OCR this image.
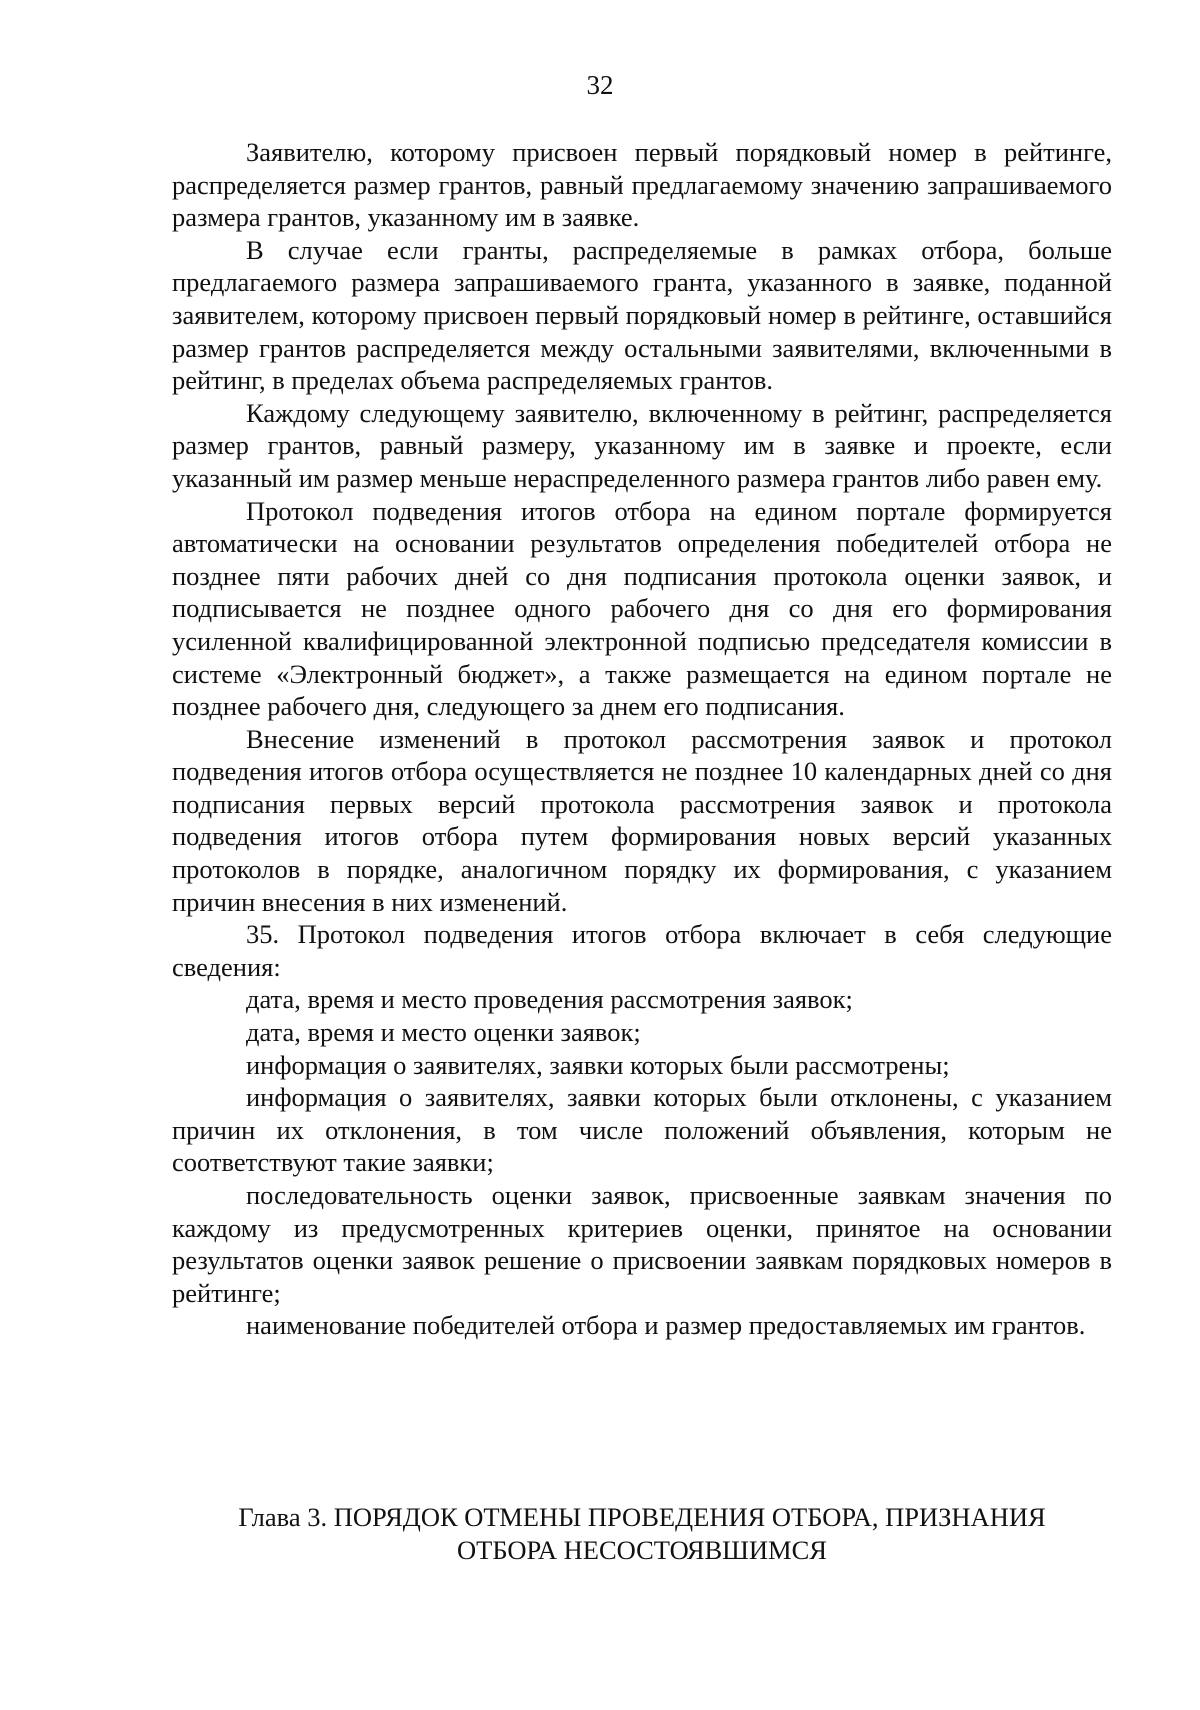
32

Заявителю, которому присвоен первый порядковый номер в рейтинге, распределяется размер грантов, равный предлагаемому значению запрашиваемого размера грантов, указанному им в заявке.

В случае если гранты, распределяемые в рамках отбора, больше предлагаемого размера запрашиваемого гранта, указанного в заявке, поданной заявителем, которому присвоен первый порядковый номер в рейтинге, оставшийся размер грантов распределяется между остальными заявителями, включенными в рейтинг, в пределах объема распределяемых грантов.

Каждому следующему заявителю, включенному в рейтинг, распределяется размер грантов, равный размеру, указанному им в заявке и проекте, если указанный им размер меньше нераспределенного размера грантов либо равен ему.

Протокол подведения итогов отбора на едином портале формируется автоматически на основании результатов определения победителей отбора не позднее пяти рабочих дней со дня подписания протокола оценки заявок, и подписывается не позднее одного рабочего дня со дня его формирования усиленной квалифицированной электронной подписью председателя комиссии в системе «Электронный бюджет», а также размещается на едином портале не позднее рабочего дня, следующего за днем его подписания.

Внесение изменений в протокол рассмотрения заявок и протокол подведения итогов отбора осуществляется не позднее 10 календарных дней со дня подписания первых версий протокола рассмотрения заявок и протокола подведения итогов отбора путем формирования новых версий указанных протоколов в порядке, аналогичном порядку их формирования, с указанием причин внесения в них изменений.

35. Протокол подведения итогов отбора включает в себя следующие сведения:

дата, время и место проведения рассмотрения заявок;

дата, время и место оценки заявок;

информация о заявителях, заявки которых были рассмотрены;

информация о заявителях, заявки которых были отклонены, с указанием причин их отклонения, в том числе положений объявления, которым не соответствуют такие заявки;

последовательность оценки заявок, присвоенные заявкам значения по каждому из предусмотренных критериев оценки, принятое на основании результатов оценки заявок решение о присвоении заявкам порядковых номеров в рейтинге;

наименование победителей отбора и размер предоставляемых им грантов.

Глава 3. ПОРЯДОК ОТМЕНЫ ПРОВЕДЕНИЯ ОТБОРА, ПРИЗНАНИЯ
ОТБОРА НЕСОСТОЯВШИМСЯ
